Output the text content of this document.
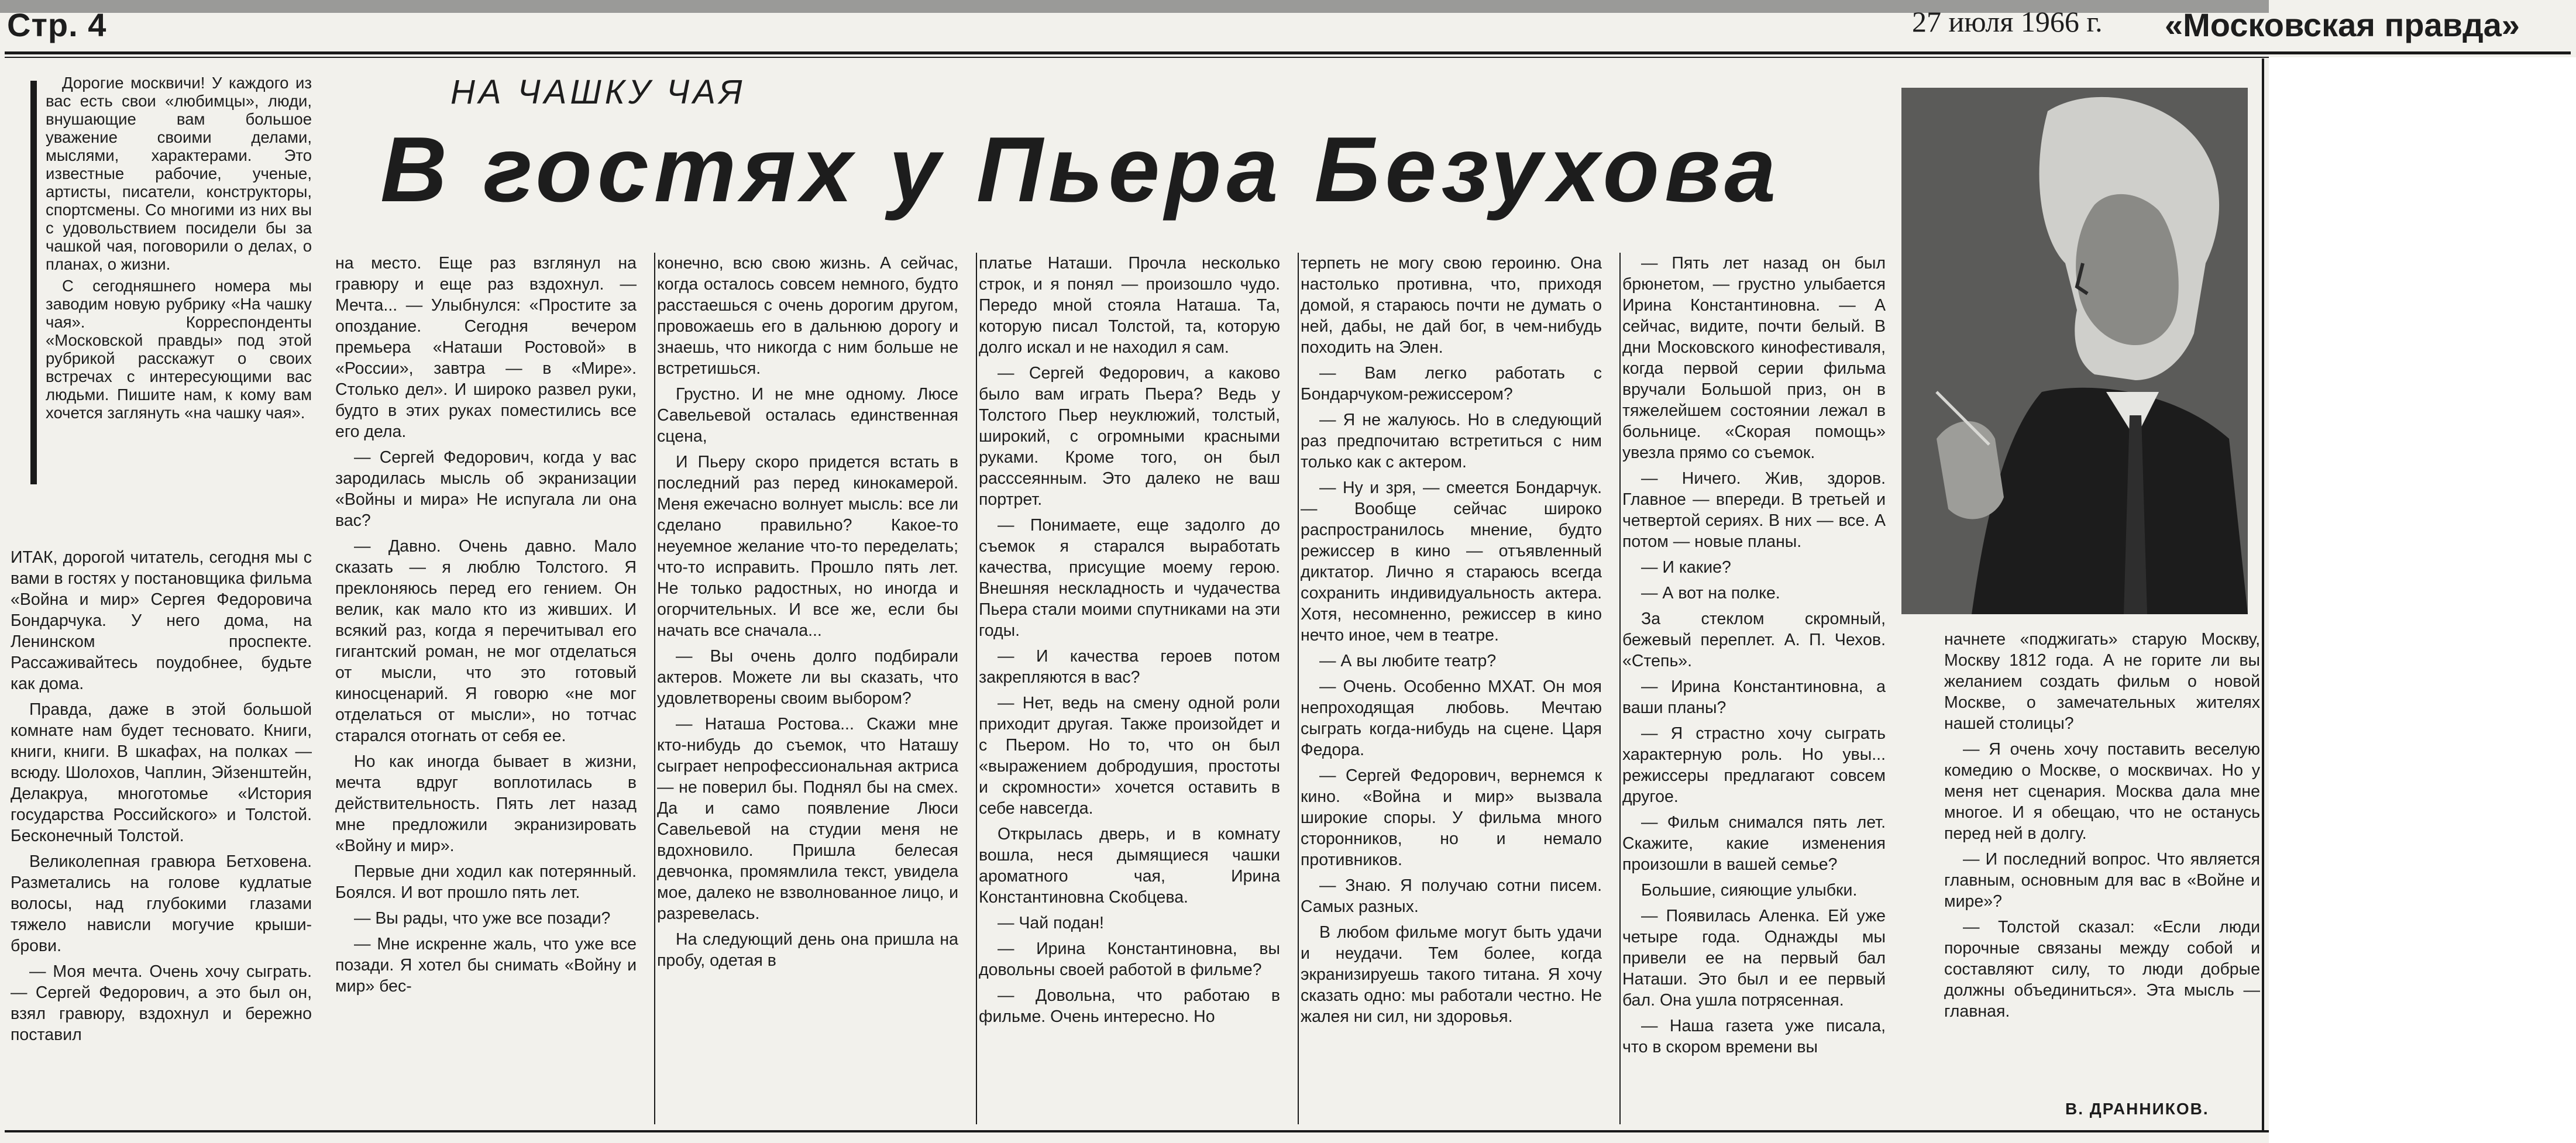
Стр. 4	27 июля 1966 г. «Московская правда»

Дорогие москвичи! У каждого из вас есть свои «любимцы», люди, внушающие вам большое уважение своими делами, мыслями, характерами. Это известные рабочие, ученые, артисты, писатели, конструкторы, спортсмены. Со многими из них вы с удовольствием посидели бы за чашкой чая, поговорили о делах, о планах, о жизни.

С сегодняшнего номера мы заводим новую рубрику «На чашку чая». Корреспонденты «Московской правды» под этой рубрикой расскажут о своих встречах с интересующими вас людьми. Пишите нам, к кому вам хочется заглянуть «на чашку чая».

НА ЧАШКУ ЧАЯ
В гостях у Пьера Безухова

ИТАК, дорогой читатель, сегодня мы с вами в гостях у постановщика фильма «Война и мир» Сергея Федоровича Бондарчука. У него дома, на Ленинском проспекте. Рассаживайтесь поудобнее, будьте как дома.

Правда, даже в этой большой комнате нам будет тесновато. Книги, книги, книги. В шкафах, на полках — всюду. Шолохов, Чаплин, Эйзенштейн, Делакруа, многотомье «История государства Российского» и Толстой. Бесконечный Толстой.

Великолепная гравюра Бетховена. Разметались на голове кудлатые волосы, над глубокими глазами тяжело нависли могучие крыши-брови.

— Моя мечта. Очень хочу сыграть. — Сергей Федорович, а это был он, взял гравюру, вздохнул и бережно поставил

на место. Еще раз взглянул на гравюру и еще раз вздохнул. — Мечта... — Улыбнулся: «Простите за опоздание. Сегодня вечером премьера «Наташи Ростовой» в «России», завтра — в «Мире». Столько дел». И широко развел руки, будто в этих руках поместились все его дела.

— Сергей Федорович, когда у вас зародилась мысль об экранизации «Войны и мира» Не испугала ли она вас?

— Давно. Очень давно. Мало сказать — я люблю Толстого. Я преклоняюсь перед его гением. Он велик, как мало кто из живших. И всякий раз, когда я перечитывал его гигантский роман, не мог отделаться от мысли, что это готовый киносценарий. Я говорю «не мог отделаться от мысли», но тотчас старался отогнать от себя ее.

Но как иногда бывает в жизни, мечта вдруг воплотилась в действительность. Пять лет назад мне предложили экранизировать «Войну и мир».

Первые дни ходил как потерянный. Боялся. И вот прошло пять лет.

— Вы рады, что уже все позади?

— Мне искренне жаль, что уже все позади. Я хотел бы снимать «Войну и мир» бес-

конечно, всю свою жизнь. А сейчас, когда осталось совсем немного, будто расстаешься с очень дорогим другом, провожаешь его в дальнюю дорогу и знаешь, что никогда с ним больше не встретишься.

Грустно. И не мне одному. Люсе Савельевой осталась единственная сцена,

И Пьеру скоро придется встать в последний раз перед кинокамерой. Меня ежечасно волнует мысль: все ли сделано правильно? Какое-то неуемное желание что-то переделать; что-то исправить. Прошло пять лет. Не только радостных, но иногда и огорчительных. И все же, если бы начать все сначала...

— Вы очень долго подбирали актеров. Можете ли вы сказать, что удовлетворены своим выбором?

— Наташа Ростова... Скажи мне кто-нибудь до съемок, что Наташу сыграет непрофессиональная актриса — не поверил бы. Поднял бы на смех. Да и само появление Люси Савельевой на студии меня не вдохновило. Пришла белесая девчонка, промямлила текст, увидела мое, далеко не взволнованное лицо, и разревелась.

На следующий день она пришла на пробу, одетая в

платье Наташи. Прочла несколько строк, и я понял — произошло чудо. Передо мной стояла Наташа. Та, которую писал Толстой, та, которую долго искал и не находил я сам.

— Сергей Федорович, а каково было вам играть Пьера? Ведь у Толстого Пьер неуклюжий, толстый, широкий, с огромными красными руками. Кроме того, он был расссеянным. Это далеко не ваш портрет.

— Понимаете, еще задолго до съемок я старался выработать качества, присущие моему герою. Внешняя нескладность и чудачества Пьера стали моими спутниками на эти годы.

— И качества героев потом закрепляются в вас?

— Нет, ведь на смену одной роли приходит другая. Также произойдет и с Пьером. Но то, что он был «выражением добродушия, простоты и скромности» хочется оставить в себе навсегда.

Открылась дверь, и в комнату вошла, неся дымящиеся чашки ароматного чая, Ирина Константиновна Скобцева.

— Чай подан!

— Ирина Константиновна, вы довольны своей работой в фильме?

— Довольна, что работаю в фильме. Очень интересно. Но

терпеть не могу свою героиню. Она настолько противна, что, приходя домой, я стараюсь почти не думать о ней, дабы, не дай бог, в чем-нибудь походить на Элен.

— Вам легко работать с Бондарчуком-режиссером?

— Я не жалуюсь. Но в следующий раз предпочитаю встретиться с ним только как с актером.

— Ну и зря, — смеется Бондарчук. — Вообще сейчас широко распространилось мнение, будто режиссер в кино — отъявленный диктатор. Лично я стараюсь всегда сохранить индивидуальность актера. Хотя, несомненно, режиссер в кино нечто иное, чем в театре.

— А вы любите театр?

— Очень. Особенно МХАТ. Он моя непроходящая любовь. Мечтаю сыграть когда-нибудь на сцене. Царя Федора.

— Сергей Федорович, вернемся к кино. «Война и мир» вызвала широкие споры. У фильма много сторонников, но и немало противников.

— Знаю. Я получаю сотни писем. Самых разных.

В любом фильме могут быть удачи и неудачи. Тем более, когда экранизируешь такого титана. Я хочу сказать одно: мы работали честно. Не жалея ни сил, ни здоровья.

— Пять лет назад он был брюнетом, — грустно улыбается Ирина Константиновна. — А сейчас, видите, почти белый. В дни Московского кинофестиваля, когда первой серии фильма вручали Большой приз, он в тяжелейшем состоянии лежал в больнице. «Скорая помощь» увезла прямо со съемок.

— Ничего. Жив, здоров. Главное — впереди. В третьей и четвертой сериях. В них — все. А потом — новые планы.

— И какие?

— А вот на полке.

За стеклом скромный, бежевый переплет. А. П. Чехов. «Степь».

— Ирина Константиновна, а ваши планы?

— Я страстно хочу сыграть характерную роль. Но увы... режиссеры предлагают совсем другое.

— Фильм снимался пять лет. Скажите, какие изменения произошли в вашей семье?

Большие, сияющие улыбки.

— Появилась Аленка. Ей уже четыре года. Однажды мы привели ее на первый бал Наташи. Это был и ее первый бал. Она ушла потрясенная.

— Наша газета уже писала, что в скором времени вы

начнете «поджигать» старую Москву, Москву 1812 года. А не горите ли вы желанием создать фильм о новой Москве, о замечательных жителях нашей столицы?

— Я очень хочу поставить веселую комедию о Москве, о москвичах. Но у меня нет сценария. Москва дала мне многое. И я обещаю, что не останусь перед ней в долгу.

— И последний вопрос. Что является главным, основным для вас в «Войне и мире»?

— Толстой сказал: «Если люди порочные связаны между собой и составляют силу, то люди добрые должны объединиться». Эта мысль — главная.

В. ДРАННИКОВ.
